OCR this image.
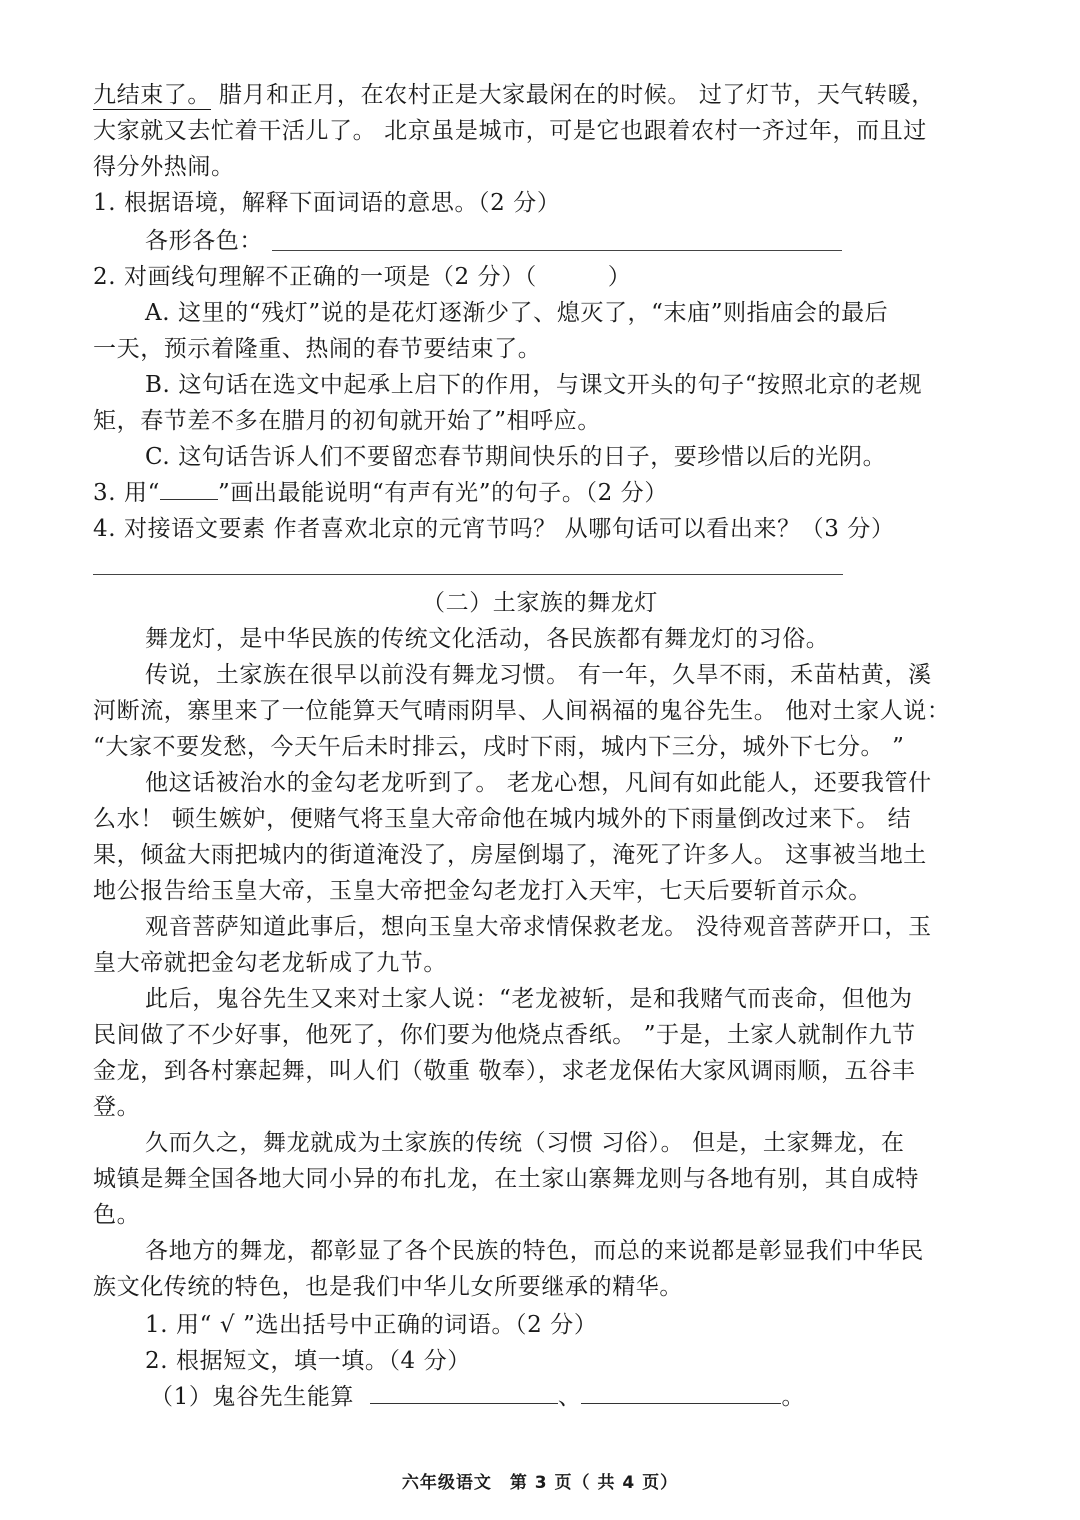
九结束了。 腊月和正月，在农村正是大家最闲在的时候。 过了灯节，天气转暖，
大家就又去忙着干活儿了。 北京虽是城市，可是它也跟着农村一齐过年，而且过
得分外热闹。
1. 根据语境，解释下面词语的意思。（2 分）
各形各色：
2. 对画线句理解不正确的一项是（2 分）（　　　）
A. 这里的“残灯”说的是花灯逐渐少了、熄灭了，“末庙”则指庙会的最后
一天，预示着隆重、热闹的春节要结束了。
B. 这句话在选文中起承上启下的作用，与课文开头的句子“按照北京的老规
矩，春节差不多在腊月的初旬就开始了”相呼应。
C. 这句话告诉人们不要留恋春节期间快乐的日子，要珍惜以后的光阴。
3. 用“	”画出最能说明“有声有光”的句子。（2 分）
4. 对接语文要素 作者喜欢北京的元宵节吗？ 从哪句话可以看出来？（3 分）
（二）土家族的舞龙灯
舞龙灯，是中华民族的传统文化活动，各民族都有舞龙灯的习俗。
传说，土家族在很早以前没有舞龙习惯。 有一年，久旱不雨，禾苗枯黄，溪
河断流，寨里来了一位能算天气晴雨阴旱、人间祸福的鬼谷先生。 他对土家人说：
“大家不要发愁，今天午后未时排云，戌时下雨，城内下三分，城外下七分。 ”
他这话被治水的金勾老龙听到了。 老龙心想，凡间有如此能人，还要我管什
么水！ 顿生嫉妒，便赌气将玉皇大帝命他在城内城外的下雨量倒改过来下。 结
果，倾盆大雨把城内的街道淹没了，房屋倒塌了，淹死了许多人。 这事被当地土
地公报告给玉皇大帝，玉皇大帝把金勾老龙打入天牢，七天后要斩首示众。
观音菩萨知道此事后，想向玉皇大帝求情保救老龙。 没待观音菩萨开口，玉
皇大帝就把金勾老龙斩成了九节。
此后，鬼谷先生又来对土家人说：“老龙被斩，是和我赌气而丧命，但他为
民间做了不少好事，他死了，你们要为他烧点香纸。 ”于是，土家人就制作九节
金龙，到各村寨起舞，叫人们（敬重 敬奉），求老龙保佑大家风调雨顺，五谷丰
登。
久而久之，舞龙就成为土家族的传统（习惯 习俗）。 但是，土家舞龙，在
城镇是舞全国各地大同小异的布扎龙，在土家山寨舞龙则与各地有别，其自成特
色。
各地方的舞龙，都彰显了各个民族的特色，而总的来说都是彰显我们中华民
族文化传统的特色，也是我们中华儿女所要继承的精华。
1. 用“ √ ”选出括号中正确的词语。（2 分）
2. 根据短文，填一填。（4 分）
（1）鬼谷先生能算	、	。
六年级语文　第 3 页（ 共 4 页）
